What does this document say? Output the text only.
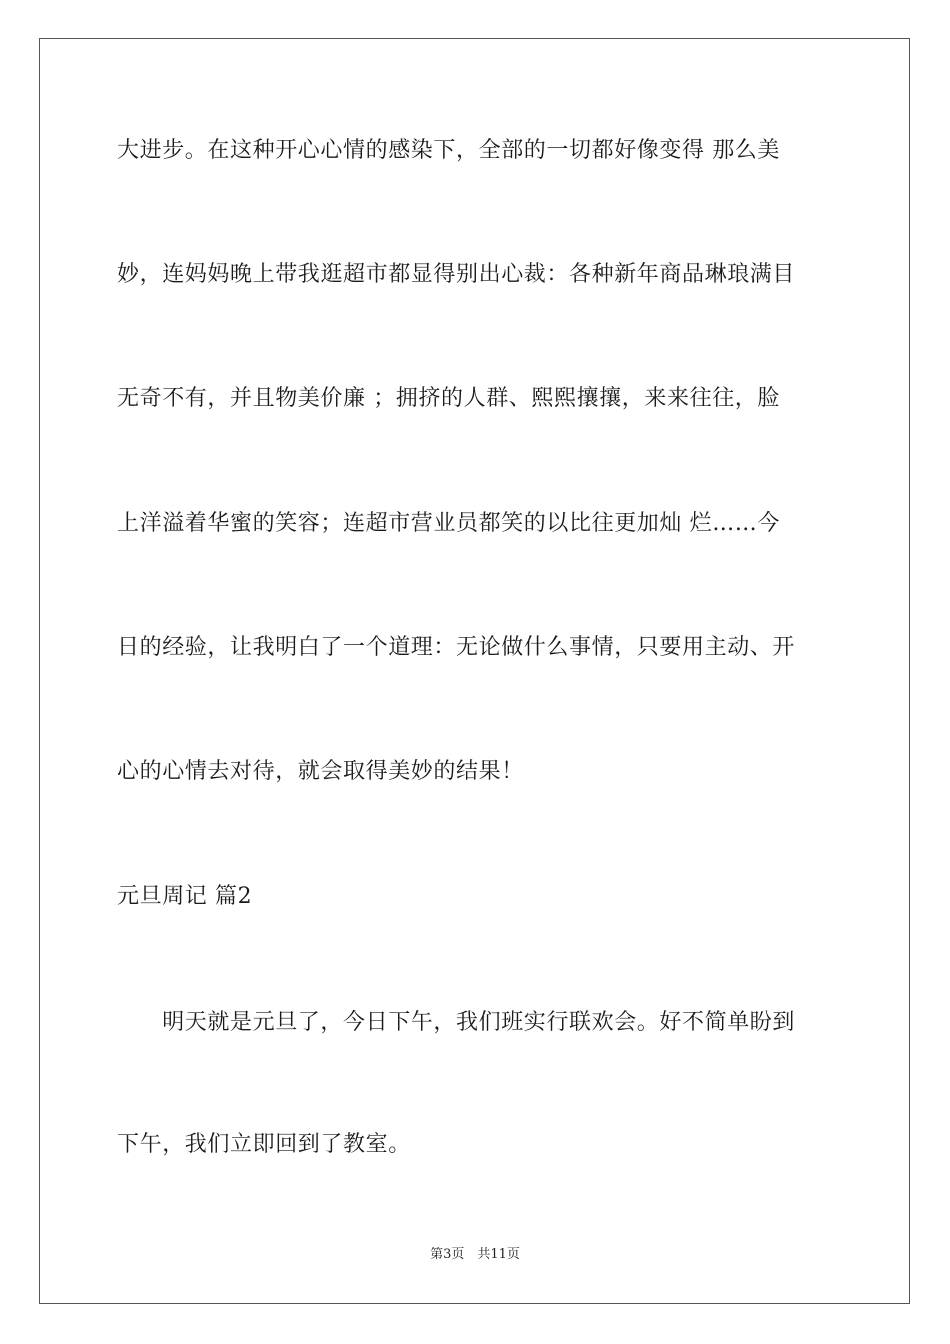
大进步。在这种开心心情的感染下，全部的一切都好像变得 那么美
妙，连妈妈晚上带我逛超市都显得别出心裁：各种新年商品琳琅满目
无奇不有，并且物美价廉 ；拥挤的人群、熙熙攘攘，来来往往，脸
上洋溢着华蜜的笑容；连超市营业员都笑的以比往更加灿 烂……今
日的经验，让我明白了一个道理：无论做什么事情，只要用主动、开
心的心情去对待，就会取得美妙的结果！
元旦周记 篇2
　　明天就是元旦了，今日下午，我们班实行联欢会。好不简单盼到
下午，我们立即回到了教室。
第3页　共11页
